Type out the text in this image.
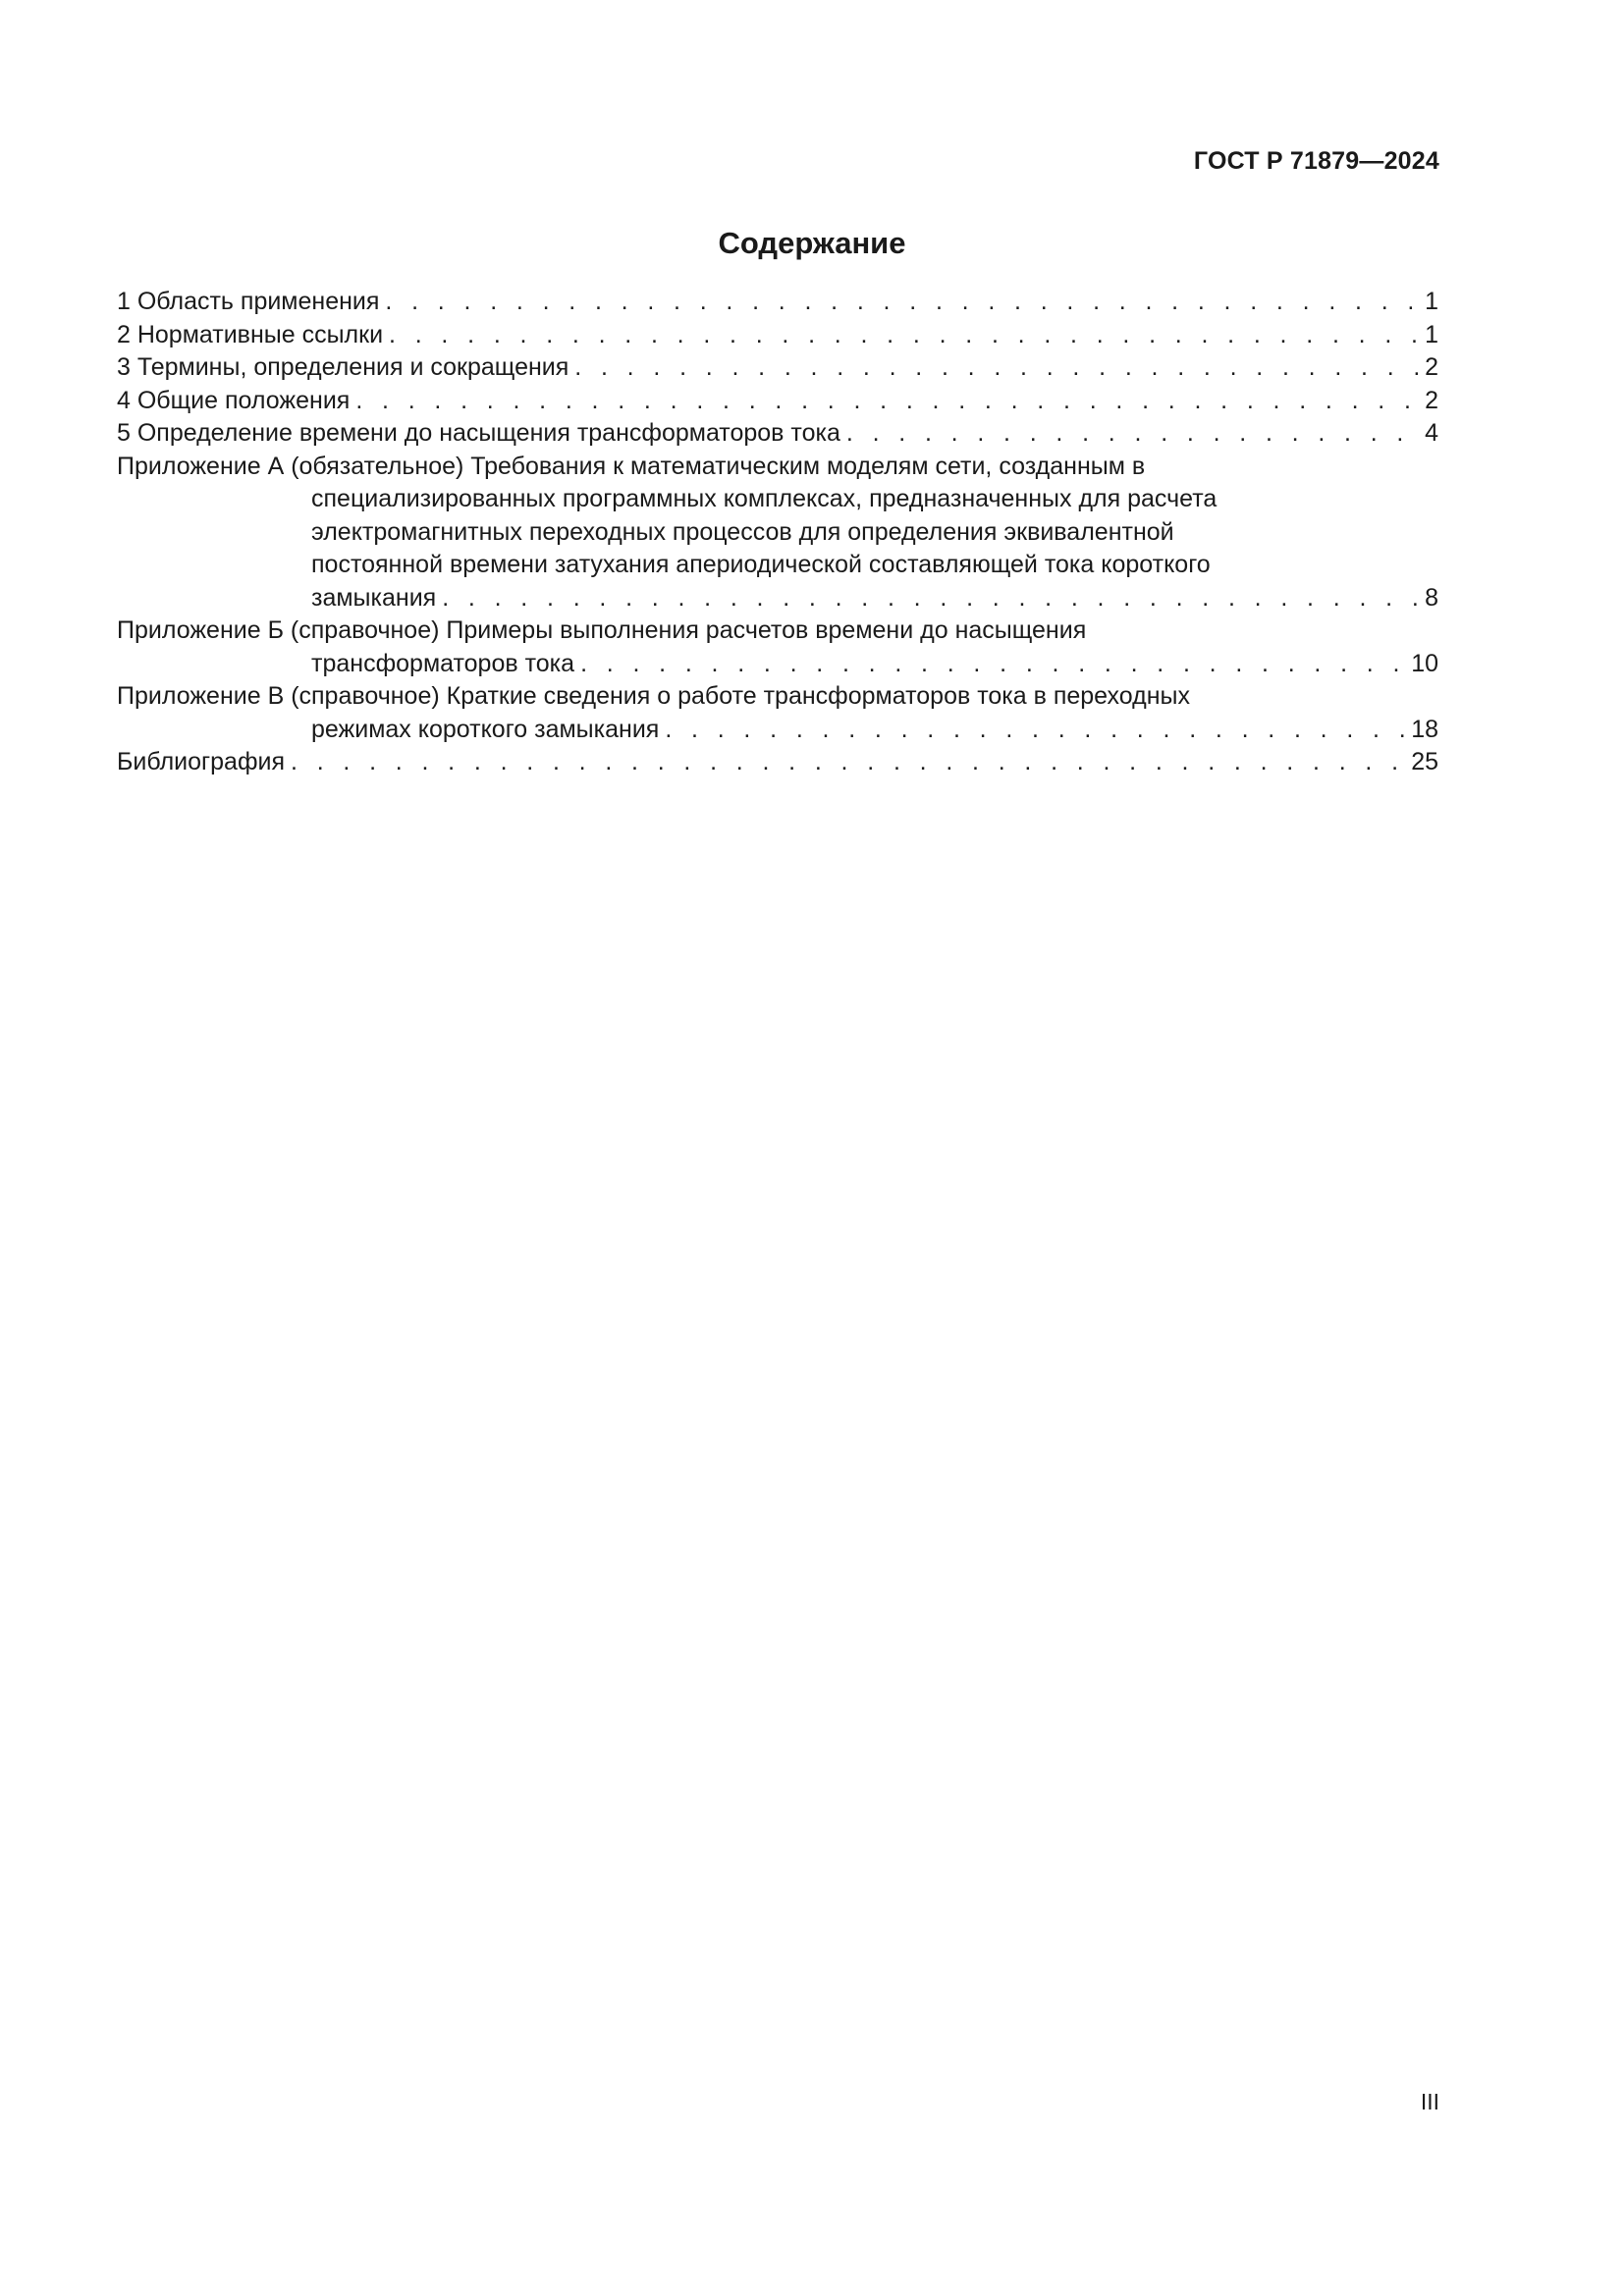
ГОСТ Р 71879—2024
Содержание
1 Область применения . . .	1
2 Нормативные ссылки . . .	1
3 Термины, определения и сокращения . . .	2
4 Общие положения . . .	2
5 Определение времени до насыщения трансформаторов тока . . .	4
Приложение А (обязательное) Требования к математическим моделям сети, созданным в
специализированных программных комплексах, предназначенных для расчета
электромагнитных переходных процессов для определения эквивалентной
постоянной времени затухания апериодической составляющей тока короткого
замыкания . . .	8
Приложение Б (справочное) Примеры выполнения расчетов времени до насыщения
трансформаторов тока . . .	10
Приложение В (справочное) Краткие сведения о работе трансформаторов тока в переходных
режимах короткого замыкания . . .	18
Библиография . . .	25
III
